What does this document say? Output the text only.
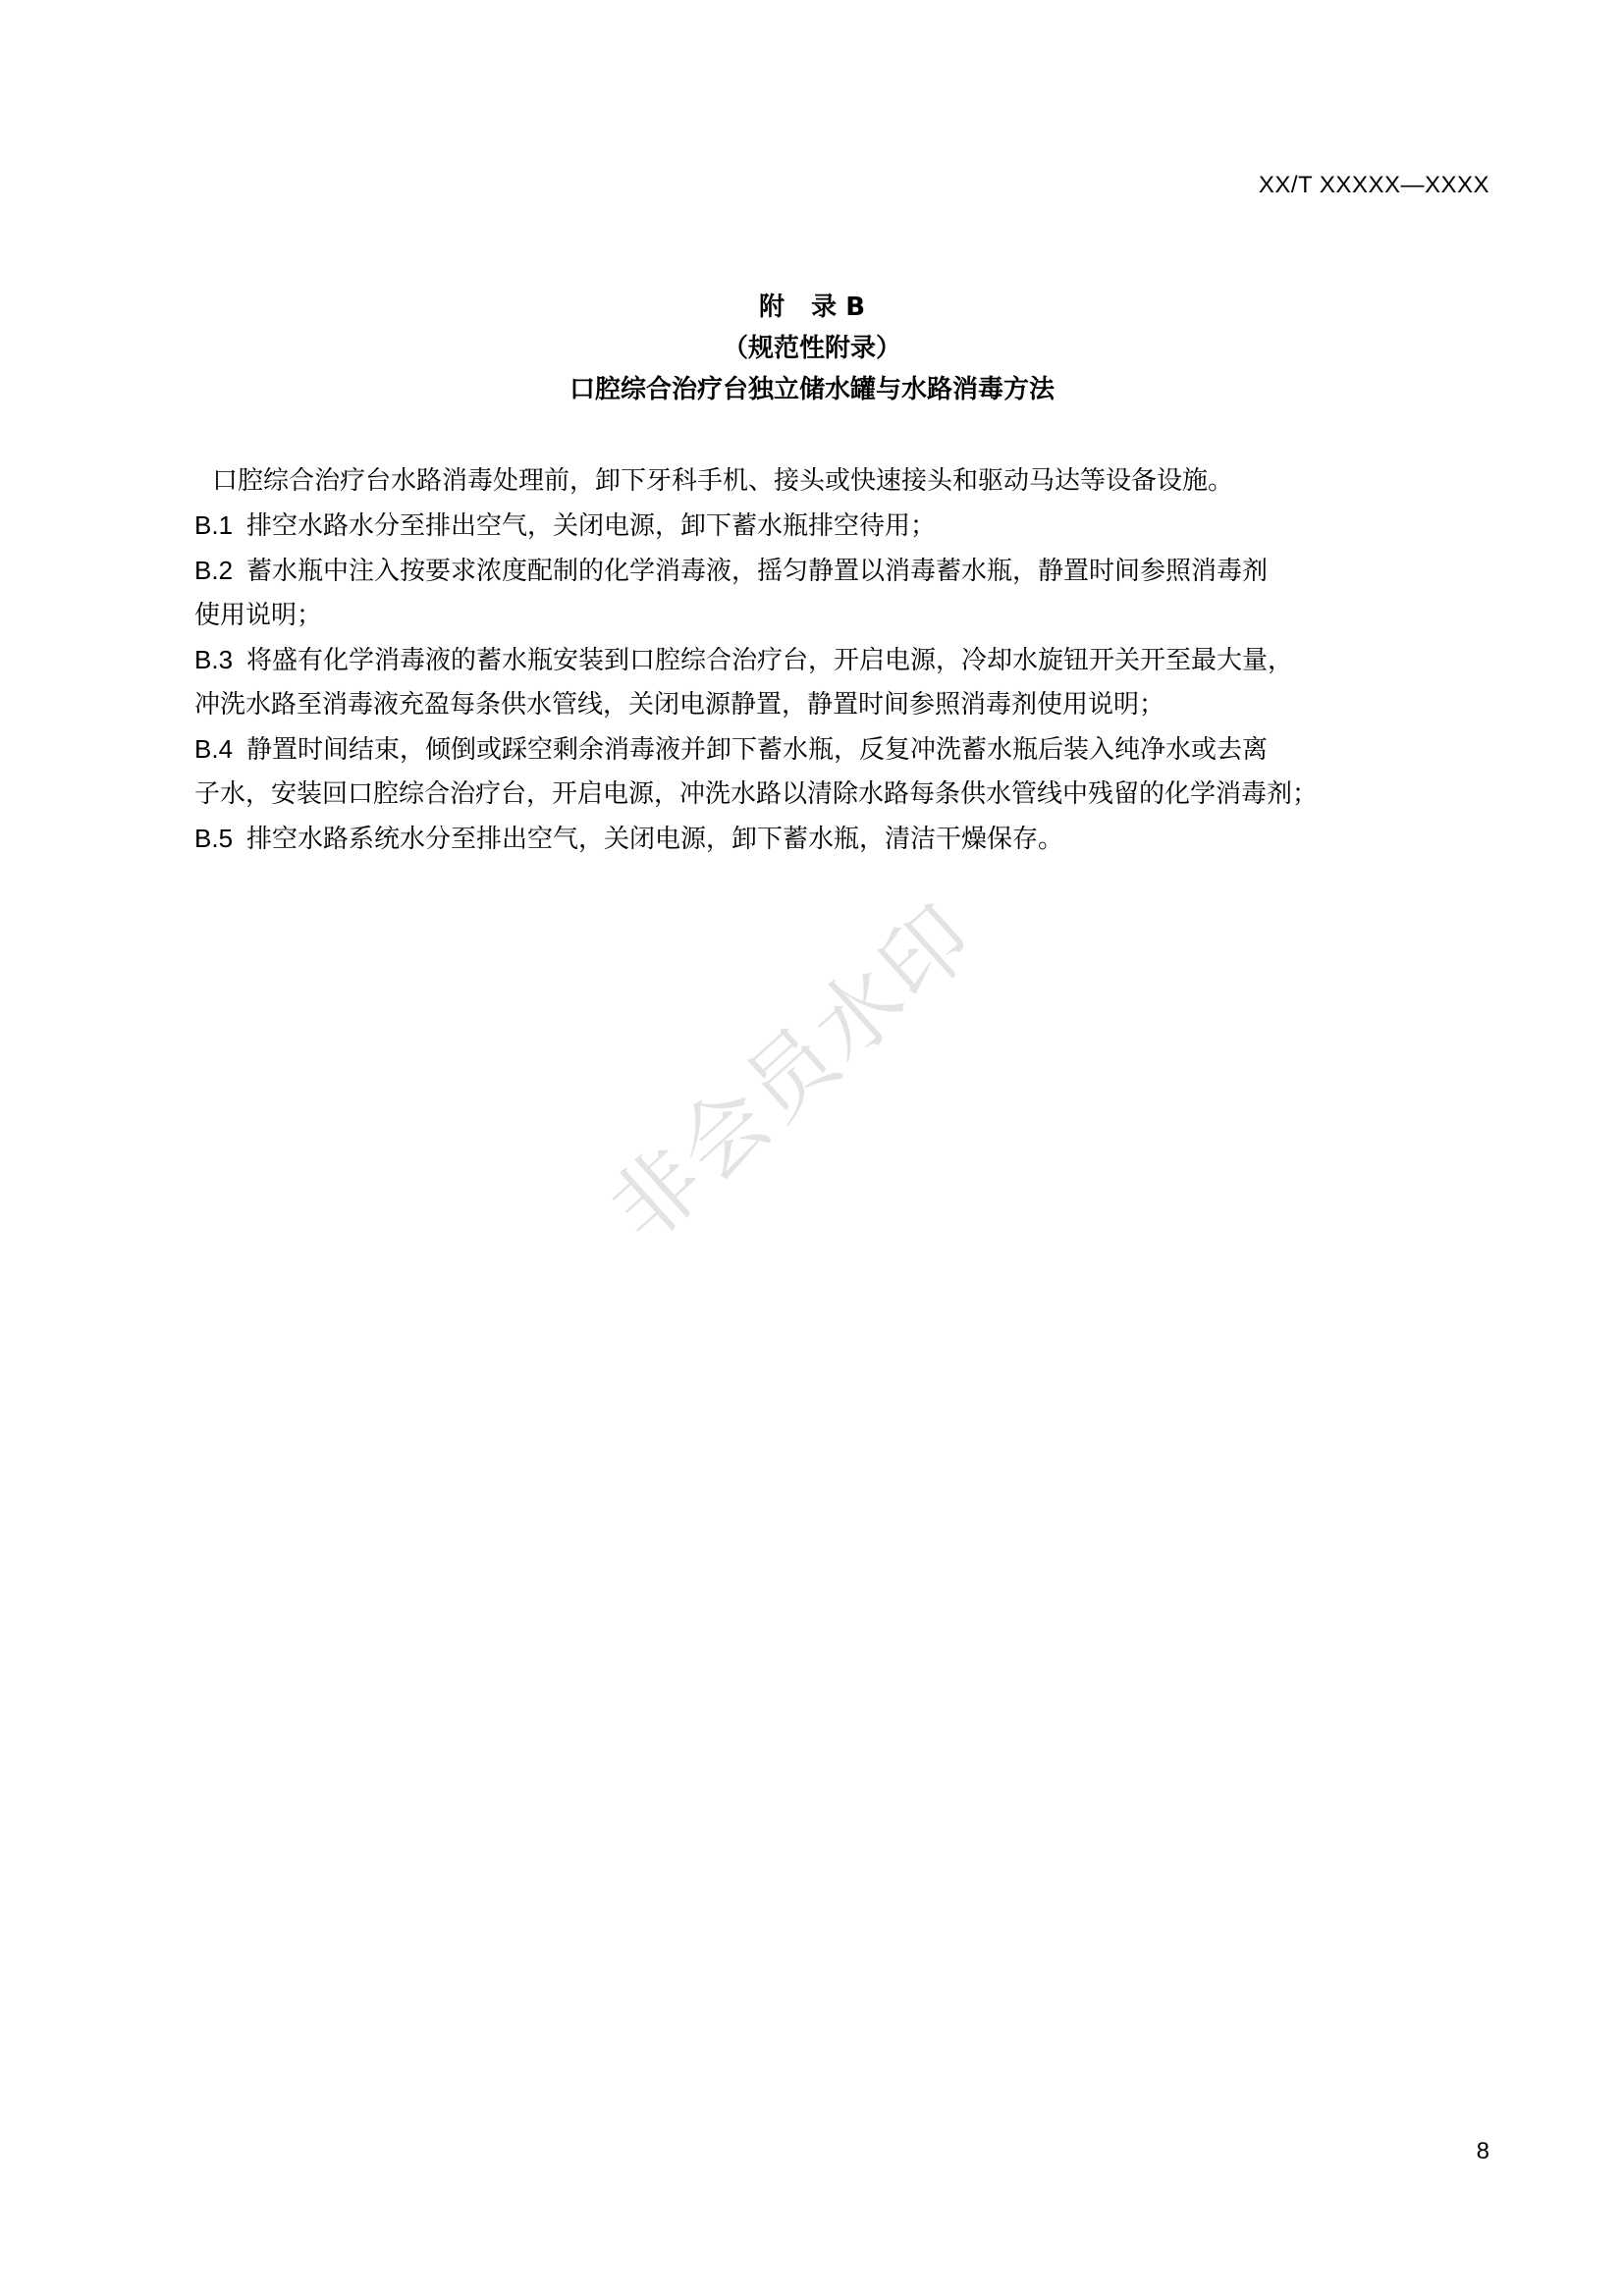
XX/T XXXXX—XXXX
附   录 B
（规范性附录）
口腔综合治疗台独立储水罐与水路消毒方法

口腔综合治疗台水路消毒处理前，卸下牙科手机、接头或快速接头和驱动马达等设备设施。

B.1 排空水路水分至排出空气，关闭电源，卸下蓄水瓶排空待用；

B.2 蓄水瓶中注入按要求浓度配制的化学消毒液，摇匀静置以消毒蓄水瓶，静置时间参照消毒剂

使用说明；

B.3 将盛有化学消毒液的蓄水瓶安装到口腔综合治疗台，开启电源，冷却水旋钮开关开至最大量，

冲洗水路至消毒液充盈每条供水管线，关闭电源静置，静置时间参照消毒剂使用说明；

B.4 静置时间结束，倾倒或踩空剩余消毒液并卸下蓄水瓶，反复冲洗蓄水瓶后装入纯净水或去离

子水，安装回口腔综合治疗台，开启电源，冲洗水路以清除水路每条供水管线中残留的化学消毒剂；

B.5 排空水路系统水分至排出空气，关闭电源，卸下蓄水瓶，清洁干燥保存。

非会员水印
8
